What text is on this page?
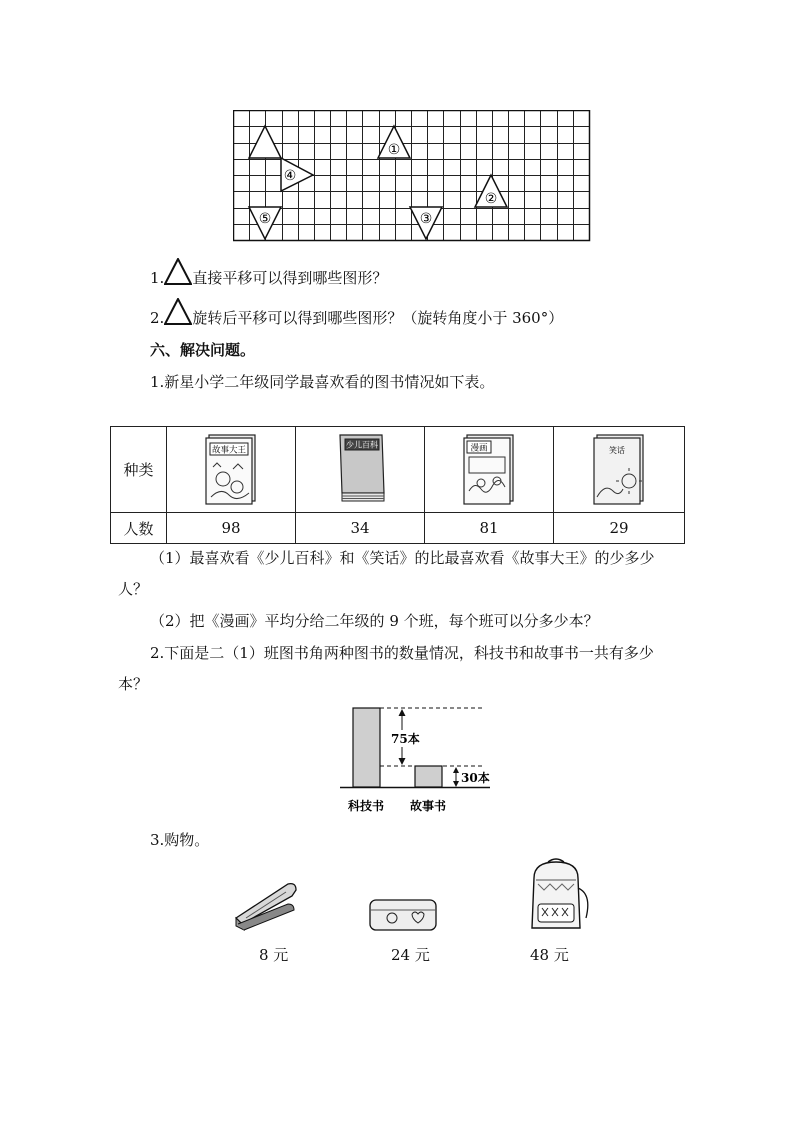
①
②
③
④
⑤
1. 直接平移可以得到哪些图形？
2. 旋转后平移可以得到哪些图形？（旋转角度小于 360°）
六、解决问题。
1.新星小学二年级同学最喜欢看的图书情况如下表。
种类	故事大王	少儿百科	漫画	笑话

人数	98	34	81	29
（1）最喜欢看《少儿百科》和《笑话》的比最喜欢看《故事大王》的少多少人？
（2）把《漫画》平均分给二年级的 9 个班，每个班可以分多少本？
2.下面是二（1）班图书角两种图书的数量情况，科技书和故事书一共有多少本？
75本
30本
科技书 故事书
3.购物。
8 元	24 元	48 元
